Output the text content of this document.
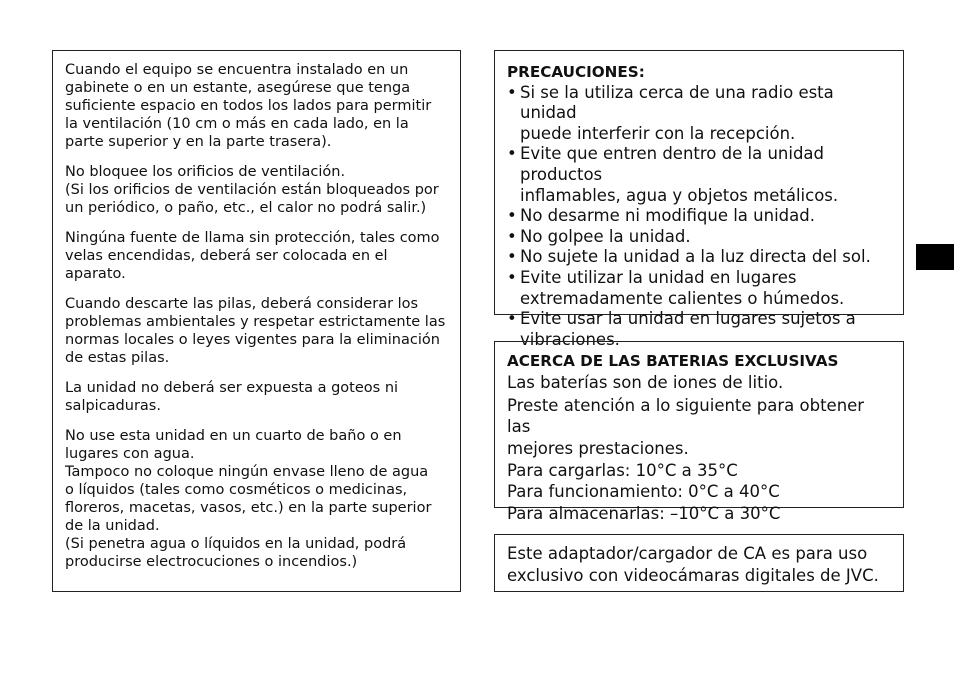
Cuando el equipo se encuentra instalado en un
gabinete o en un estante, asegúrese que tenga
suficiente espacio en todos los lados para permitir
la ventilación (10 cm o más en cada lado, en la
parte superior y en la parte trasera).

No bloquee los orificios de ventilación.
(Si los orificios de ventilación están bloqueados por
un periódico, o paño, etc., el calor no podrá salir.)

Ningúna fuente de llama sin protección, tales como
velas encendidas, deberá ser colocada en el
aparato.

Cuando descarte las pilas, deberá considerar los
problemas ambientales y respetar estrictamente las
normas locales o leyes vigentes para la eliminación
de estas pilas.

La unidad no deberá ser expuesta a goteos ni
salpicaduras.

No use esta unidad en un cuarto de baño o en
lugares con agua.
Tampoco no coloque ningún envase lleno de agua
o líquidos (tales como cosméticos o medicinas,
floreros, macetas, vasos, etc.) en la parte superior
de la unidad.
(Si penetra agua o líquidos en la unidad, podrá
producirse electrocuciones o incendios.)

PRECAUCIONES:
• Si se la utiliza cerca de una radio esta unidad
puede interferir con la recepción.
• Evite que entren dentro de la unidad productos
inflamables, agua y objetos metálicos.
• No desarme ni modifique la unidad.
• No golpee la unidad.
• No sujete la unidad a la luz directa del sol.
• Evite utilizar la unidad en lugares
extremadamente calientes o húmedos.
• Evite usar la unidad en lugares sujetos a
vibraciones.
ACERCA DE LAS BATERIAS EXCLUSIVAS
Las baterías son de iones de litio.
Preste atención a lo siguiente para obtener las
mejores prestaciones.
Para cargarlas: 10°C a 35°C
Para funcionamiento: 0°C a 40°C
Para almacenarlas: –10°C a 30°C
Este adaptador/cargador de CA es para uso
exclusivo con videocámaras digitales de JVC.
